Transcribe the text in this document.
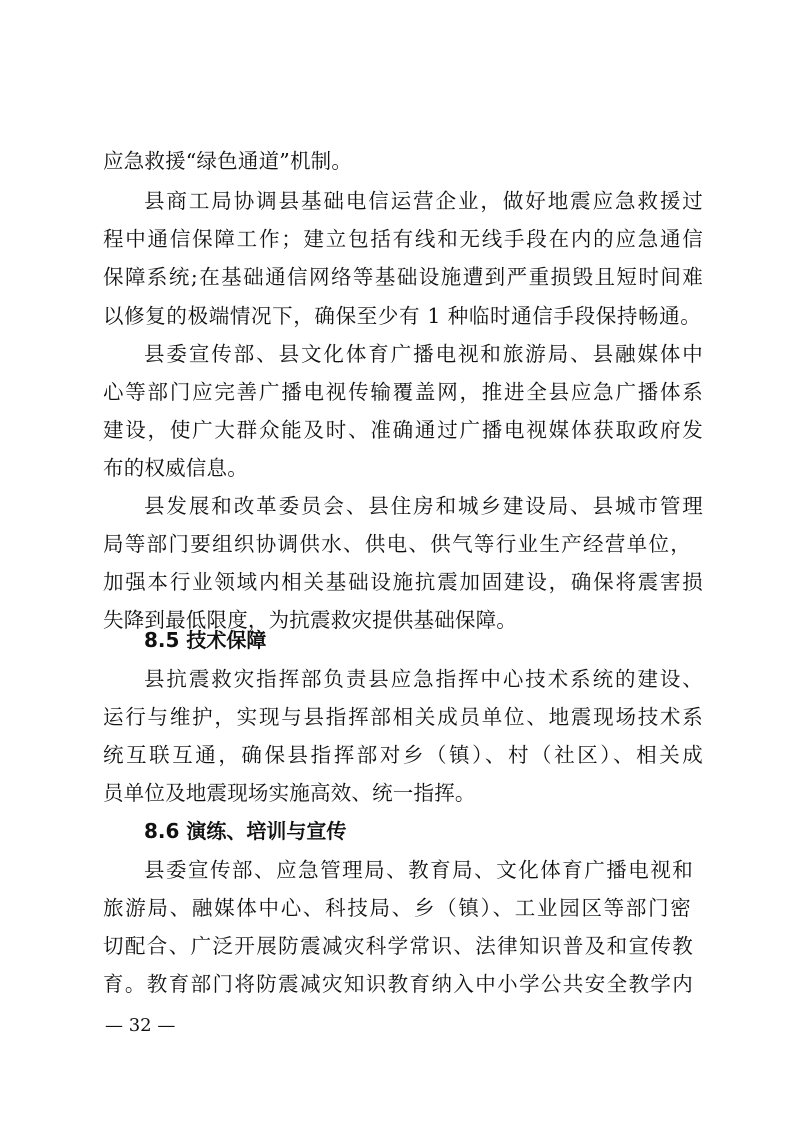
应急救援“绿色通道”机制。
县商工局协调县基础电信运营企业，做好地震应急救援过
程中通信保障工作；建立包括有线和无线手段在内的应急通信
保障系统;在基础通信网络等基础设施遭到严重损毁且短时间难
以修复的极端情况下，确保至少有 1 种临时通信手段保持畅通。
县委宣传部、县文化体育广播电视和旅游局、县融媒体中
心等部门应完善广播电视传输覆盖网，推进全县应急广播体系
建设，使广大群众能及时、准确通过广播电视媒体获取政府发
布的权威信息。
县发展和改革委员会、县住房和城乡建设局、县城市管理
局等部门要组织协调供水、供电、供气等行业生产经营单位，
加强本行业领域内相关基础设施抗震加固建设，确保将震害损
失降到最低限度，为抗震救灾提供基础保障。
8.5 技术保障
县抗震救灾指挥部负责县应急指挥中心技术系统的建设、
运行与维护，实现与县指挥部相关成员单位、地震现场技术系
统互联互通，确保县指挥部对乡（镇）、村（社区）、相关成
员单位及地震现场实施高效、统一指挥。
8.6 演练、培训与宣传
县委宣传部、应急管理局、教育局、文化体育广播电视和
旅游局、融媒体中心、科技局、乡（镇）、工业园区等部门密
切配合、广泛开展防震减灾科学常识、法律知识普及和宣传教
育。教育部门将防震减灾知识教育纳入中小学公共安全教学内
— 32 —
